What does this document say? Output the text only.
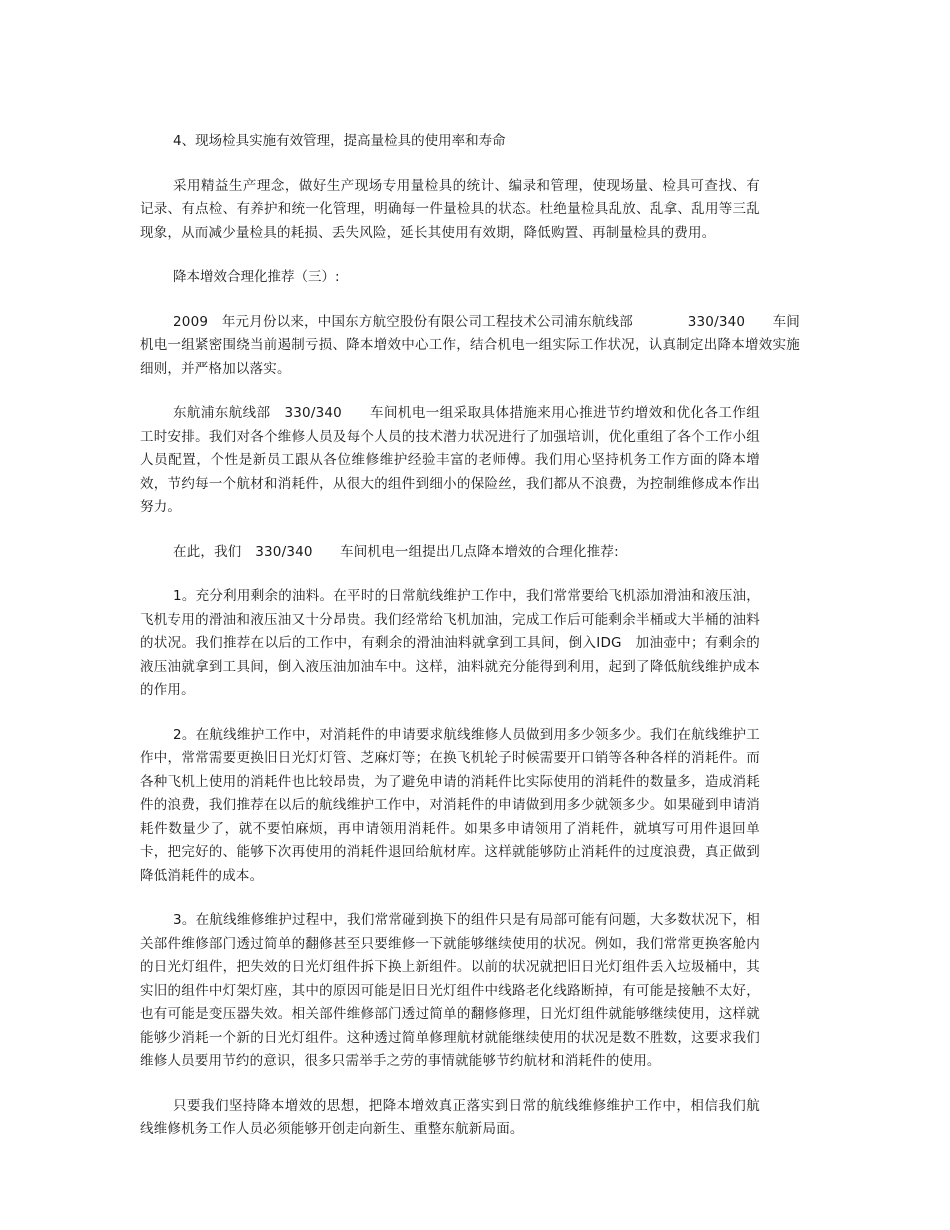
4、现场检具实施有效管理，提高量检具的使用率和寿命

采用精益生产理念，做好生产现场专用量检具的统计、编录和管理，使现场量、检具可查找、有记录、有点检、有养护和统一化管理，明确每一件量检具的状态。杜绝量检具乱放、乱拿、乱用等三乱现象，从而减少量检具的耗损、丢失风险，延长其使用有效期，降低购置、再制量检具的费用。

降本增效合理化推荐（三）:

2009　年元月份以来，中国东方航空股份有限公司工程技术公司浦东航线部　　　　330/340　　车间机电一组紧密围绕当前遏制亏损、降本增效中心工作，结合机电一组实际工作状况，认真制定出降本增效实施细则，并严格加以落实。

东航浦东航线部　330/340　　车间机电一组采取具体措施来用心推进节约增效和优化各工作组工时安排。我们对各个维修人员及每个人员的技术潜力状况进行了加强培训，优化重组了各个工作小组人员配置，个性是新员工跟从各位维修维护经验丰富的老师傅。我们用心坚持机务工作方面的降本增效，节约每一个航材和消耗件，从很大的组件到细小的保险丝，我们都从不浪费，为控制维修成本作出努力。

在此，我们　330/340　　车间机电一组提出几点降本增效的合理化推荐:

1。充分利用剩余的油料。在平时的日常航线维护工作中，我们常常要给飞机添加滑油和液压油，飞机专用的滑油和液压油又十分昂贵。我们经常给飞机加油，完成工作后可能剩余半桶或大半桶的油料的状况。我们推荐在以后的工作中，有剩余的滑油油料就拿到工具间，倒入IDG　加油壶中；有剩余的液压油就拿到工具间，倒入液压油加油车中。这样，油料就充分能得到利用，起到了降低航线维护成本的作用。

2。在航线维护工作中，对消耗件的申请要求航线维修人员做到用多少领多少。我们在航线维护工作中，常常需要更换旧日光灯灯管、芝麻灯等；在换飞机轮子时候需要开口销等各种各样的消耗件。而各种飞机上使用的消耗件也比较昂贵，为了避免申请的消耗件比实际使用的消耗件的数量多，造成消耗件的浪费，我们推荐在以后的航线维护工作中，对消耗件的申请做到用多少就领多少。如果碰到申请消耗件数量少了，就不要怕麻烦，再申请领用消耗件。如果多申请领用了消耗件，就填写可用件退回单卡，把完好的、能够下次再使用的消耗件退回给航材库。这样就能够防止消耗件的过度浪费，真正做到降低消耗件的成本。

3。在航线维修维护过程中，我们常常碰到换下的组件只是有局部可能有问题，大多数状况下，相关部件维修部门透过简单的翻修甚至只要维修一下就能够继续使用的状况。例如，我们常常更换客舱内的日光灯组件，把失效的日光灯组件拆下换上新组件。以前的状况就把旧日光灯组件丢入垃圾桶中，其实旧的组件中灯架灯座，其中的原因可能是旧日光灯组件中线路老化线路断掉，有可能是接触不太好，也有可能是变压器失效。相关部件维修部门透过简单的翻修修理，日光灯组件就能够继续使用，这样就能够少消耗一个新的日光灯组件。这种透过简单修理航材就能继续使用的状况是数不胜数，这要求我们维修人员要用节约的意识，很多只需举手之劳的事情就能够节约航材和消耗件的使用。

只要我们坚持降本增效的思想，把降本增效真正落实到日常的航线维修维护工作中，相信我们航线维修机务工作人员必须能够开创走向新生、重整东航新局面。
